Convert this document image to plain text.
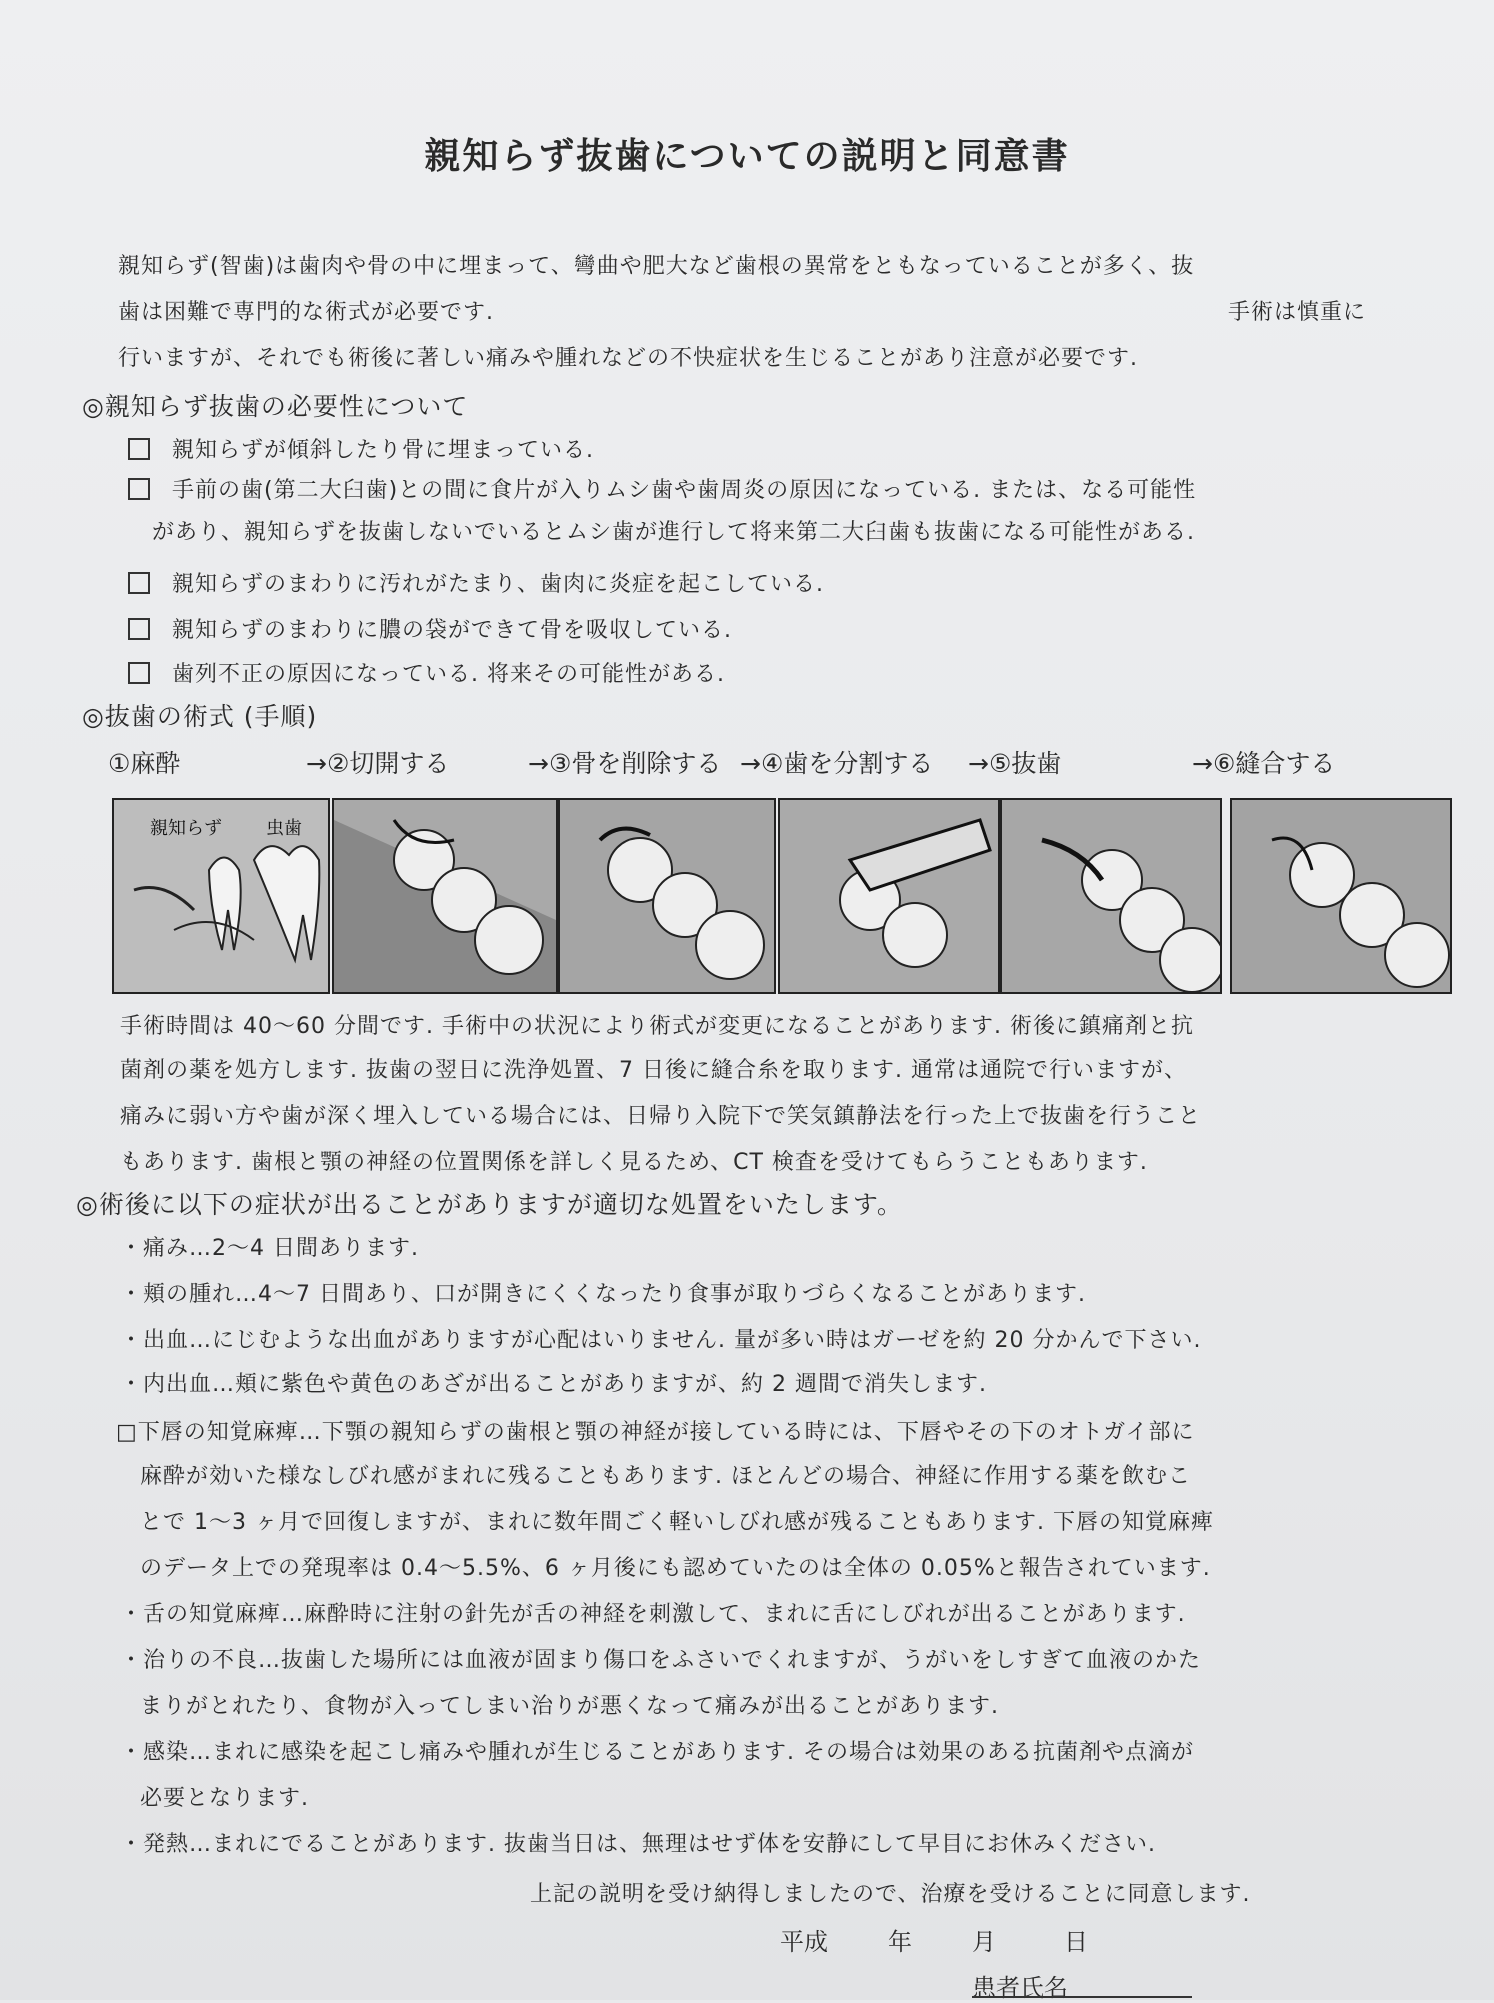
親知らず抜歯についての説明と同意書
親知らず(智歯)は歯肉や骨の中に埋まって、彎曲や肥大など歯根の異常をともなっていることが多く、抜
歯は困難で専門的な術式が必要です.	手術は慎重に
行いますが、それでも術後に著しい痛みや腫れなどの不快症状を生じることがあり注意が必要です.
◎親知らず抜歯の必要性について
親知らずが傾斜したり骨に埋まっている.
手前の歯(第二大臼歯)との間に食片が入りムシ歯や歯周炎の原因になっている. または、なる可能性
があり、親知らずを抜歯しないでいるとムシ歯が進行して将来第二大臼歯も抜歯になる可能性がある.
親知らずのまわりに汚れがたまり、歯肉に炎症を起こしている.
親知らずのまわりに膿の袋ができて骨を吸収している.
歯列不正の原因になっている. 将来その可能性がある.
◎抜歯の術式 (手順)
①麻酔	→②切開する	→③骨を削除する →④歯を分割する →⑤抜歯	→⑥縫合する
親知らず 虫歯
手術時間は 40〜60 分間です. 手術中の状況により術式が変更になることがあります. 術後に鎮痛剤と抗
菌剤の薬を処方します. 抜歯の翌日に洗浄処置、7 日後に縫合糸を取ります. 通常は通院で行いますが、
痛みに弱い方や歯が深く埋入している場合には、日帰り入院下で笑気鎮静法を行った上で抜歯を行うこと
もあります. 歯根と顎の神経の位置関係を詳しく見るため、CT 検査を受けてもらうこともあります.
◎術後に以下の症状が出ることがありますが適切な処置をいたします。
・痛み…2〜4 日間あります.
・頬の腫れ…4〜7 日間あり、口が開きにくくなったり食事が取りづらくなることがあります.
・出血…にじむような出血がありますが心配はいりません. 量が多い時はガーゼを約 20 分かんで下さい.
・内出血…頬に紫色や黄色のあざが出ることがありますが、約 2 週間で消失します.
□下唇の知覚麻痺…下顎の親知らずの歯根と顎の神経が接している時には、下唇やその下のオトガイ部に
麻酔が効いた様なしびれ感がまれに残ることもあります. ほとんどの場合、神経に作用する薬を飲むこ
とで 1〜3 ヶ月で回復しますが、まれに数年間ごく軽いしびれ感が残ることもあります. 下唇の知覚麻痺
のデータ上での発現率は 0.4〜5.5%、6 ヶ月後にも認めていたのは全体の 0.05%と報告されています.
・舌の知覚麻痺…麻酔時に注射の針先が舌の神経を刺激して、まれに舌にしびれが出ることがあります.
・治りの不良…抜歯した場所には血液が固まり傷口をふさいでくれますが、うがいをしすぎて血液のかた
まりがとれたり、食物が入ってしまい治りが悪くなって痛みが出ることがあります.
・感染…まれに感染を起こし痛みや腫れが生じることがあります. その場合は効果のある抗菌剤や点滴が
必要となります.
・発熱…まれにでることがあります. 抜歯当日は、無理はせず体を安静にして早目にお休みください.
上記の説明を受け納得しましたので、治療を受けることに同意します.
平成	年	月	日
患者氏名
